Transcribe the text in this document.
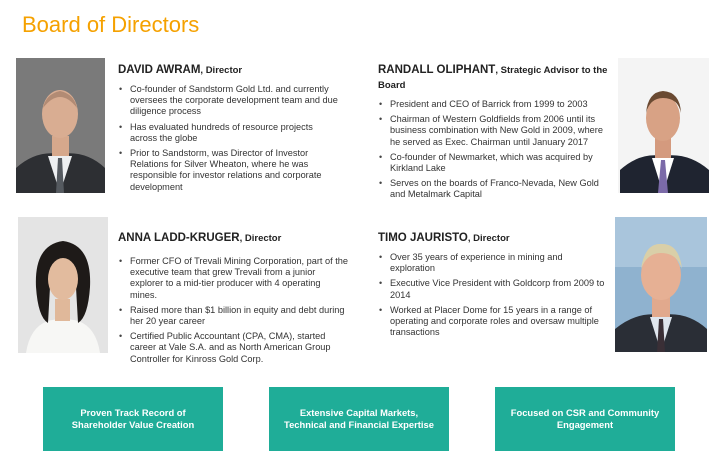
Board of Directors
DAVID AWRAM, Director
• Co-founder of Sandstorm Gold Ltd. and currently oversees the corporate development team and due diligence process
• Has evaluated hundreds of resource projects across the globe
• Prior to Sandstorm, was Director of Investor Relations for Silver Wheaton, where he was responsible for investor relations and corporate development
RANDALL OLIPHANT, Strategic Advisor to the Board
• President and CEO of Barrick from 1999 to 2003
• Chairman of Western Goldfields from 2006 until its business combination with New Gold in 2009, where he served as Exec. Chairman until January 2017
• Co-founder of Newmarket, which was acquired by Kirkland Lake
• Serves on the boards of Franco-Nevada, New Gold and Metalmark Capital
ANNA LADD-KRUGER, Director
• Former CFO of Trevali Mining Corporation, part of the executive team that grew Trevali from a junior explorer to a mid-tier producer with 4 operating mines.
• Raised more than $1 billion in equity and debt during her 20 year career
• Certified Public Accountant (CPA, CMA), started career at Vale S.A. and as North American Group Controller for Kinross Gold Corp.
TIMO JAURISTO, Director
• Over 35 years of experience in mining and exploration
• Executive Vice President with Goldcorp from 2009 to 2014
• Worked at Placer Dome for 15 years in a range of operating and corporate roles and oversaw multiple transactions
Proven Track Record of Shareholder Value Creation
Extensive Capital Markets, Technical and Financial Expertise
Focused on CSR and Community Engagement
